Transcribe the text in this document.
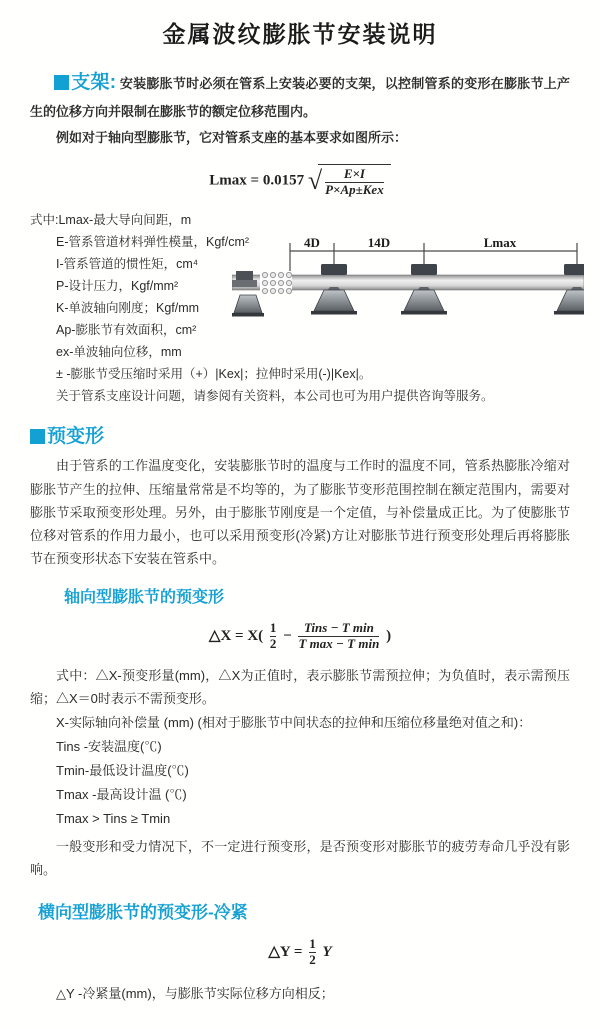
金属波纹膨胀节安装说明

支架: 安装膨胀节时必须在管系上安装必要的支架，以控制管系的变形在膨胀节上产生的位移方向并限制在膨胀节的额定位移范围内。

例如对于轴向型膨胀节，它对管系支座的基本要求如图所示：

Lmax = 0.0157 √ $\frac{E\times I}{\text{P×Ap±Kex}}$
式中:Lmax-最大导向间距，m
E-管系管道材料弹性模量，Kgf/cm²
I-管系管道的惯性矩，cm⁴
P-设计压力，Kgf/mm²
K-单波轴向刚度；Kgf/mm
Ap-膨胀节有效面积，cm²
ex-单波轴向位移，mm
± -膨胀节受压缩时采用（+）|Kex|；拉伸时采用(-)|Kex|。
关于管系支座设计问题，请参阅有关资料，本公司也可为用户提供咨询等服务。
4D	14D	Lmax

预变形

由于管系的工作温度变化，安装膨胀节时的温度与工作时的温度不同，管系热膨胀冷缩对膨胀节产生的拉伸、压缩量常常是不均等的，为了膨胀节变形范围控制在额定范围内，需要对膨胀节采取预变形处理。另外，由于膨胀节刚度是一个定值，与补偿量成正比。为了使膨胀节位移对管系的作用力最小，也可以采用预变形(冷紧)方让对膨胀节进行预变形处理后再将膨胀节在预变形状态下安装在管系中。

轴向型膨胀节的预变形
△X = $X( \frac{1}{2} - \frac{\text{Tins − T min}}{\text{T max − T min}}$ )

式中：△X-预变形量(mm)，△X为正值时，表示膨胀节需预拉伸；为负值时，表示需预压缩；△X＝0时表示不需预变形。

X-实际轴向补偿量 (mm) (相对于膨胀节中间状态的拉伸和压缩位移量绝对值之和)：
Tins -安装温度(℃)
Tmin-最低设计温度(℃)
Tmax -最高设计温 (℃)
Tmax > Tins ≥ Tmin

一般变形和受力情况下，不一定进行预变形，是否预变形对膨胀节的疲劳寿命几乎没有影响。

横向型膨胀节的预变形-冷紧
△Y = $\frac{1}{2}$ Y

△Y -冷紧量(mm)，与膨胀节实际位移方向相反；
